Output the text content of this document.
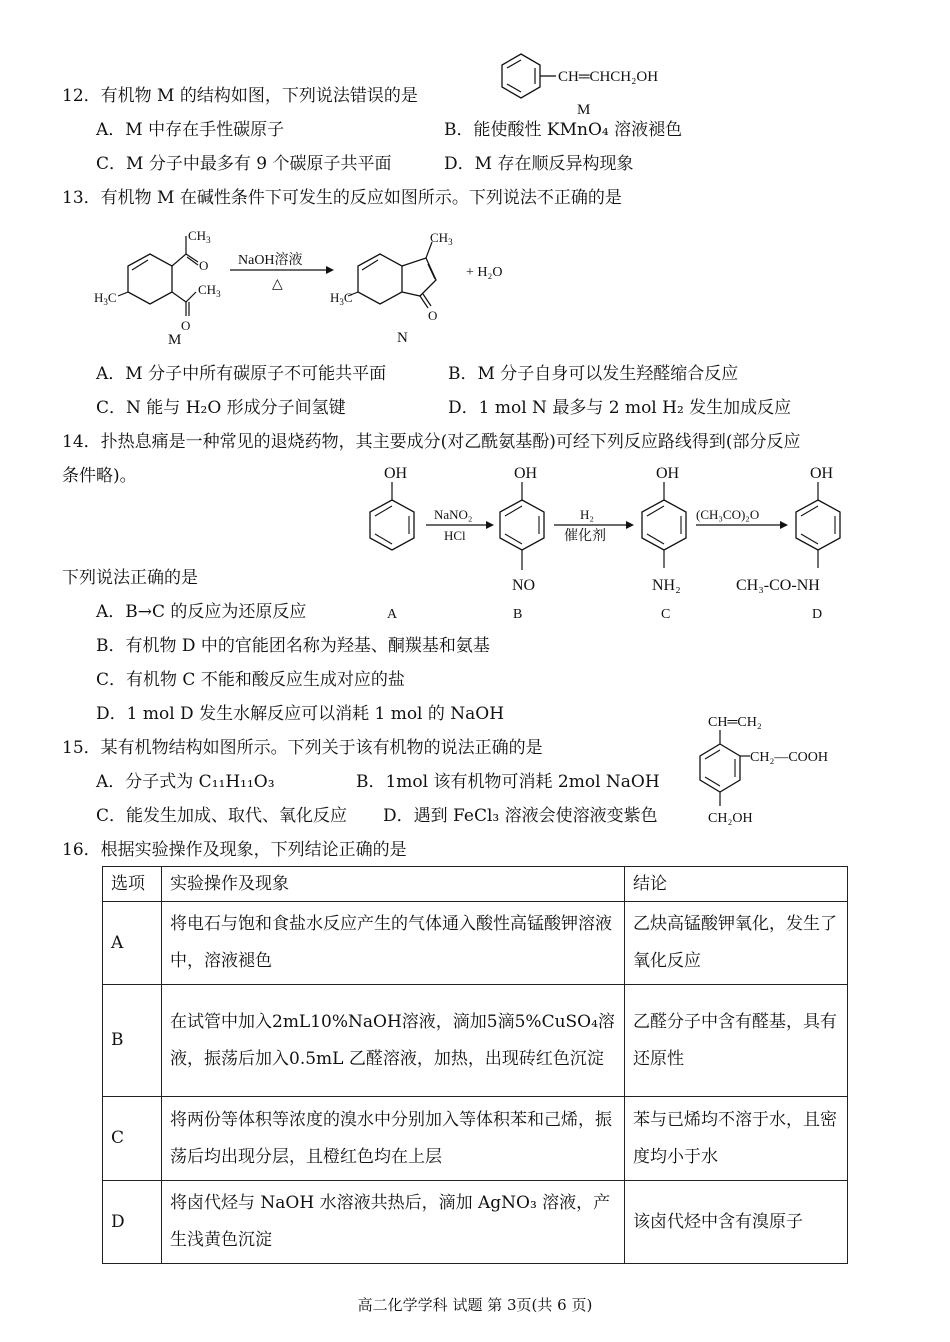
12．有机物 M 的结构如图，下列说法错误的是
CH═CHCH₂OH
M
A．M 中存在手性碳原子	B．能使酸性 KMnO₄ 溶液褪色
C．M 分子中最多有 9 个碳原子共平面	D．M 存在顺反异构现象
13．有机物 M 在碱性条件下可发生的反应如图所示。下列说法不正确的是
$CH_3$
O
$CH_3$
O
$H_3C$
M
NaOH溶液
△
$CH_3$
O
$H_3C$
N
+ H₂O
A．M 分子中所有碳原子不可能共平面	B．M 分子自身可以发生羟醛缩合反应
C．N 能与 H₂O 形成分子间氢键	D．1 mol N 最多与 2 mol H₂ 发生加成反应
14．扑热息痛是一种常见的退烧药物，其主要成分(对乙酰氨基酚)可经下列反应路线得到(部分反应
条件略)。	OH
NaNO₂
HCl
OH
NO
H₂
催化剂
OH
NH₂
(CH₃CO)₂O
OH
CH₃-CO-NH
A	B	C	D
下列说法正确的是
A．B→C 的反应为还原反应
B．有机物 D 中的官能团名称为羟基、酮羰基和氨基
C．有机物 C 不能和酸反应生成对应的盐
D．1 mol D 发生水解反应可以消耗 1 mol 的 NaOH
15．某有机物结构如图所示。下列关于该有机物的说法正确的是
CH═CH₂
CH₂—COOH
CH₂OH
A．分子式为 C₁₁H₁₁O₃	B．1mol 该有机物可消耗 2mol NaOH
C．能发生加成、取代、氧化反应 D．遇到 FeCl₃ 溶液会使溶液变紫色
16．根据实验操作及现象，下列结论正确的是
选项	实验操作及现象	结论
A	将电石与饱和食盐水反应产生的气体通入酸性高锰酸钾溶液中，溶液褪色	乙炔高锰酸钾氧化，发生了氧化反应
B	在试管中加入2mL10%NaOH溶液，滴加5滴5%CuSO₄溶液，振荡后加入0.5mL 乙醛溶液，加热，出现砖红色沉淀	乙醛分子中含有醛基，具有还原性
C	将两份等体积等浓度的溴水中分别加入等体积苯和己烯，振荡后均出现分层，且橙红色均在上层	苯与已烯均不溶于水，且密度均小于水
D	将卤代烃与 NaOH 水溶液共热后，滴加 AgNO₃ 溶液，产生浅黄色沉淀	该卤代烃中含有溴原子
高二化学学科 试题 第 3页(共 6 页)
